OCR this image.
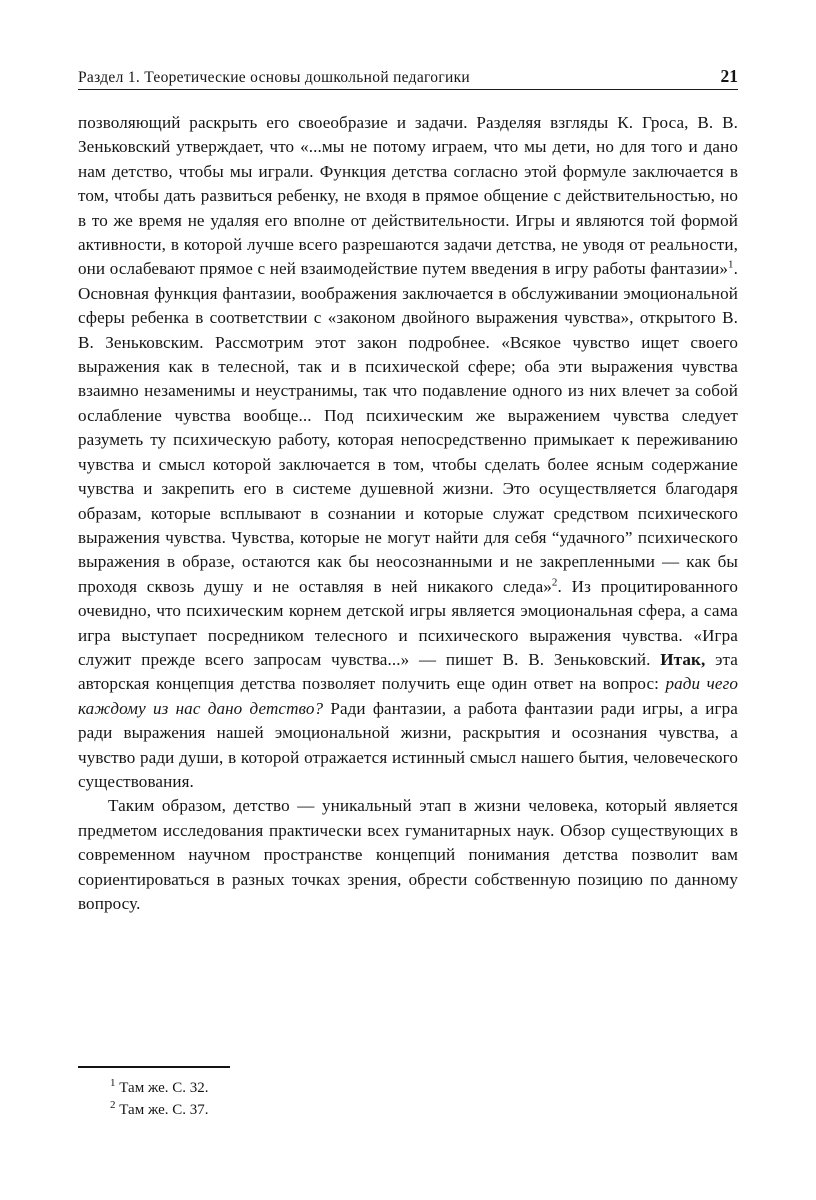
Раздел 1. Теоретические основы дошкольной педагогики	21

позволяющий раскрыть его своеобразие и задачи. Разделяя взгляды К. Гроса, В. В. Зеньковский утверждает, что «...мы не потому играем, что мы дети, но для того и дано нам детство, чтобы мы играли. Функция детства согласно этой формуле заключается в том, чтобы дать развиться ребенку, не входя в прямое общение с действительностью, но в то же время не удаляя его вполне от действительности. Игры и являются той формой активности, в которой лучше всего разрешаются задачи детства, не уводя от реальности, они ослабевают прямое с ней взаимодействие путем введения в игру работы фантазии»$^1$. Основная функция фантазии, воображения заключается в обслуживании эмоциональной сферы ребенка в соответствии с «законом двойного выражения чувства», открытого В. В. Зеньковским. Рассмотрим этот закон подробнее. «Всякое чувство ищет своего выражения как в телесной, так и в психической сфере; оба эти выражения чувства взаимно незаменимы и неустранимы, так что подавление одного из них влечет за собой ослабление чувства вообще... Под психическим же выражением чувства следует разуметь ту психическую работу, которая непосредственно примыкает к переживанию чувства и смысл которой заключается в том, чтобы сделать более ясным содержание чувства и закрепить его в системе душевной жизни. Это осуществляется благодаря образам, которые всплывают в сознании и которые служат средством психического выражения чувства. Чувства, которые не могут найти для себя “удачного” психического выражения в образе, остаются как бы неосознанными и не закрепленными — как бы проходя сквозь душу и не оставляя в ней никакого следа»$^2$. Из процитированного очевидно, что психическим корнем детской игры является эмоциональная сфера, а сама игра выступает посредником телесного и психического выражения чувства. «Игра служит прежде всего запросам чувства...» — пишет В. В. Зеньковский. Итак, эта авторская концепция детства позволяет получить еще один ответ на вопрос: ради чего каждому из нас дано детство? Ради фантазии, а работа фантазии ради игры, а игра ради выражения нашей эмоциональной жизни, раскрытия и осознания чувства, а чувство ради души, в которой отражается истинный смысл нашего бытия, человеческого существования.

Таким образом, детство — уникальный этап в жизни человека, который является предметом исследования практически всех гуманитарных наук. Обзор существующих в современном научном пространстве концепций понимания детства позволит вам сориентироваться в разных точках зрения, обрести собственную позицию по данному вопросу.

$^1$ Там же. С. 32.

$^2$ Там же. С. 37.
